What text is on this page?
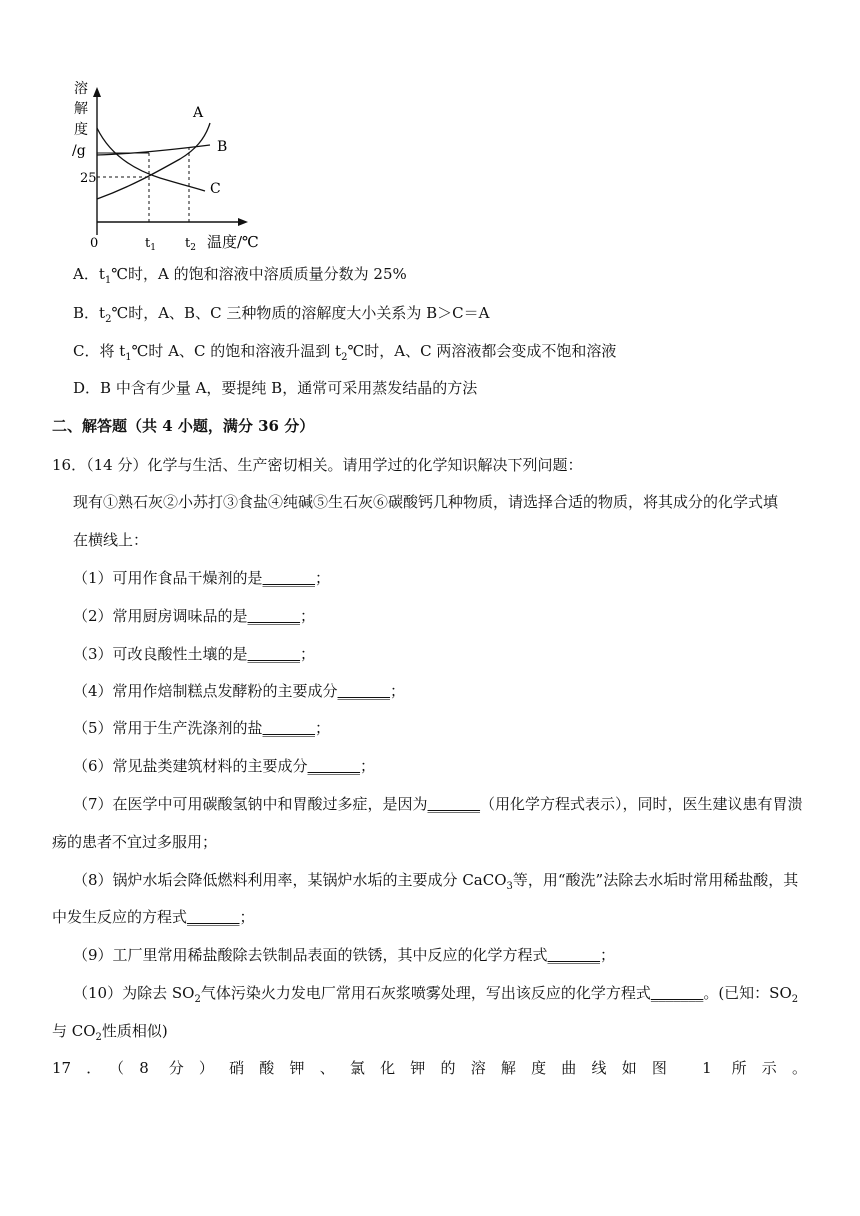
溶
解
度
/g
A
B
C
25
0	$t_1$ $t_2$ 温度/℃
A．$t_1℃$时，A 的饱和溶液中溶质质量分数为 25%
B．$t_2℃$时，A、B、C 三种物质的溶解度大小关系为 B＞C＝A
C．将 $t_1℃$时 A、C 的饱和溶液升温到 $t_2℃$时，A、C 两溶液都会变成不饱和溶液
D．B 中含有少量 A，要提纯 B，通常可采用蒸发结晶的方法
二、解答题（共 4 小题，满分 36 分）
16．（14 分）化学与生活、生产密切相关。请用学过的化学知识解决下列问题：
现有①熟石灰②小苏打③食盐④纯碱⑤生石灰⑥碳酸钙几种物质，请选择合适的物质，将其成分的化学式填
在横线上：
（1）可用作食品干燥剂的是_______；
（2）常用厨房调味品的是_______；
（3）可改良酸性土壤的是_______；
（4）常用作焙制糕点发酵粉的主要成分_______；
（5）常用于生产洗涤剂的盐_______；
（6）常见盐类建筑材料的主要成分_______；
（7）在医学中可用碳酸氢钠中和胃酸过多症，是因为_______（用化学方程式表示），同时，医生建议患有胃溃
疡的患者不宜过多服用；
（8）锅炉水垢会降低燃料利用率，某锅炉水垢的主要成分 CaCO$_3$等，用“酸洗”法除去水垢时常用稀盐酸，其
中发生反应的方程式_______；
（9）工厂里常用稀盐酸除去铁制品表面的铁锈，其中反应的化学方程式_______；
（10）为除去 $SO_2$气体污染火力发电厂常用石灰浆喷雾处理，写出该反应的化学方程式_______。(已知：$SO_2$
与 $CO_2$性质相似)
17．（8 分）硝酸钾、氯化钾的溶解度曲线如图 1 所示。
